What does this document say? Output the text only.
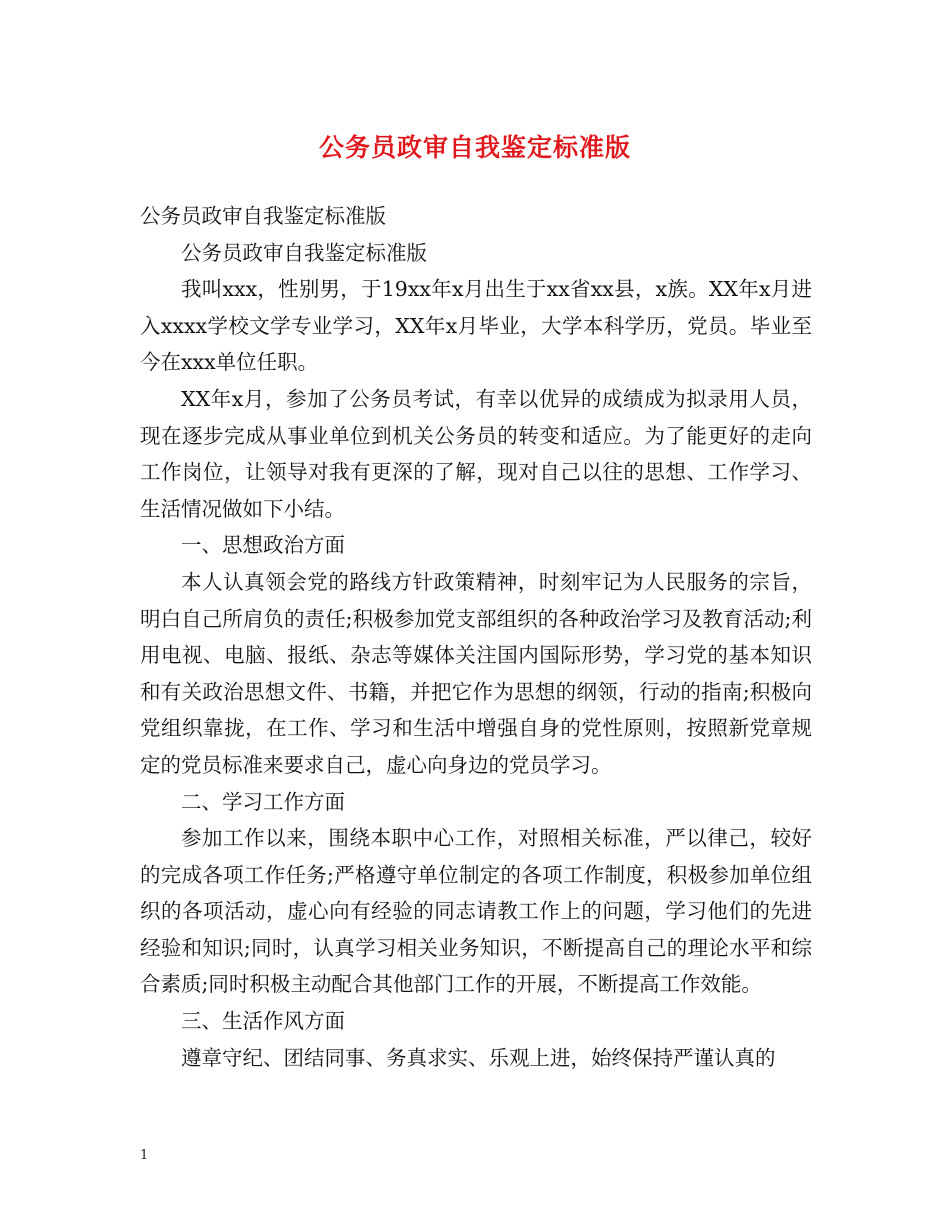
公务员政审自我鉴定标准版

公务员政审自我鉴定标准版

公务员政审自我鉴定标准版

我叫xxx，性别男，于19xx年x月出生于xx省xx县，x族。XX年x月进入xxxx学校文学专业学习，XX年x月毕业，大学本科学历，党员。毕业至今在xxx单位任职。

XX年x月，参加了公务员考试，有幸以优异的成绩成为拟录用人员，现在逐步完成从事业单位到机关公务员的转变和适应。为了能更好的走向工作岗位，让领导对我有更深的了解，现对自己以往的思想、工作学习、生活情况做如下小结。

一、思想政治方面

本人认真领会党的路线方针政策精神，时刻牢记为人民服务的宗旨，明白自己所肩负的责任;积极参加党支部组织的各种政治学习及教育活动;利用电视、电脑、报纸、杂志等媒体关注国内国际形势，学习党的基本知识和有关政治思想文件、书籍，并把它作为思想的纲领，行动的指南;积极向党组织靠拢，在工作、学习和生活中增强自身的党性原则，按照新党章规定的党员标准来要求自己，虚心向身边的党员学习。

二、学习工作方面

参加工作以来，围绕本职中心工作，对照相关标准，严以律己，较好的完成各项工作任务;严格遵守单位制定的各项工作制度，积极参加单位组织的各项活动，虚心向有经验的同志请教工作上的问题，学习他们的先进经验和知识;同时，认真学习相关业务知识，不断提高自己的理论水平和综合素质;同时积极主动配合其他部门工作的开展，不断提高工作效能。

三、生活作风方面

遵章守纪、团结同事、务真求实、乐观上进，始终保持严谨认真的

1
